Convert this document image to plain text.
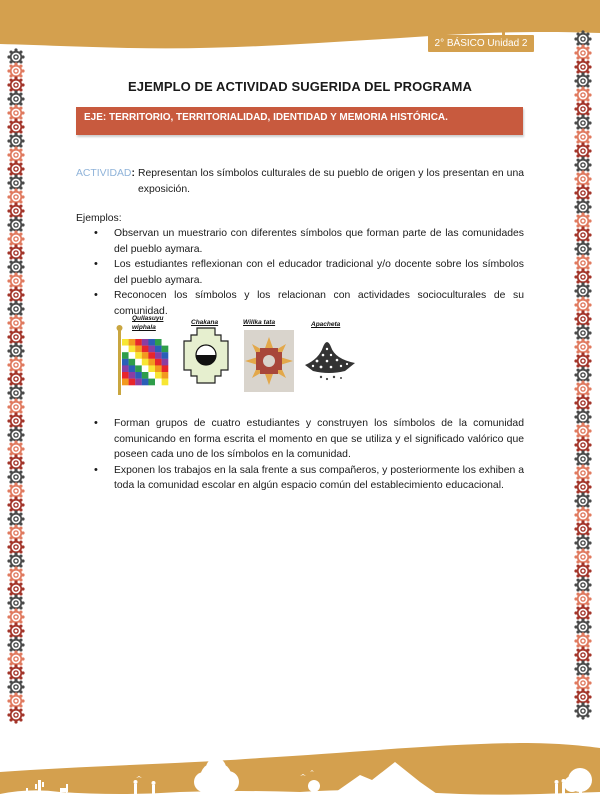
2° BÁSICO Unidad 2
EJEMPLO DE ACTIVIDAD SUGERIDA DEL PROGRAMA
EJE: TERRITORIO, TERRITORIALIDAD, IDENTIDAD Y MEMORIA HISTÓRICA.

ACTIVIDAD: Representan los símbolos culturales de su pueblo de origen y los presentan en una exposición.

Ejemplos:
• Observan un muestrario con diferentes símbolos que forman parte de las comunidades del pueblo aymara.
• Los estudiantes reflexionan con el educador tradicional y/o docente sobre los símbolos del pueblo aymara.
• Reconocen los símbolos y los relacionan con actividades socioculturales de su comunidad.
Qullasuyu
wiphala
Chakana	Willka tata	Apacheta
• Forman grupos de cuatro estudiantes y construyen los símbolos de la comunidad comunicando en forma escrita el momento en que se utiliza y el significado valórico que poseen cada uno de los símbolos en la comunidad.
• Exponen los trabajos en la sala frente a sus compañeros, y posteriormente los exhiben a toda la comunidad escolar en algún espacio común del establecimiento educacional.
